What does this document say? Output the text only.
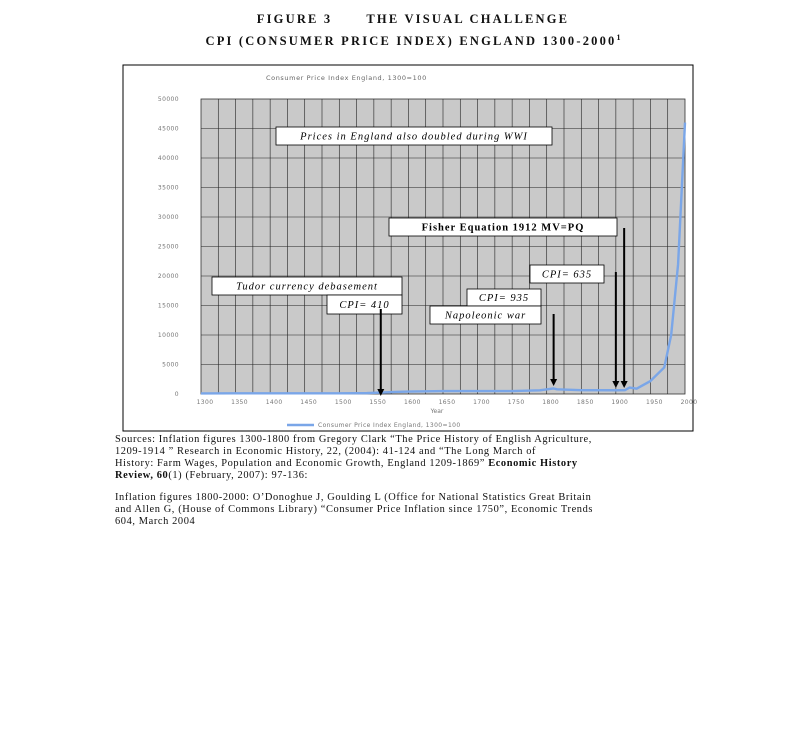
FIGURE 3	THE VISUAL CHALLENGE
CPI (CONSUMER PRICE INDEX) ENGLAND 1300-2000$^1$
Consumer Price Index England, 1300=100
0
5000
10000
15000
20000
25000
30000
35000
40000
45000
50000
1300	1350	1400	1450	1500	1550	1600	1650	1700	1750	1800	1850	1900	1950	2000
Year
Consumer Price Index England, 1300=100
Prices in England also doubled during WWI
Fisher Equation 1912 MV=PQ
CPI= 635
CPI= 935
Napoleonic war
Tudor currency debasement
CPI= 410
Sources: Inflation figures 1300-1800 from Gregory Clark “The Price History of English Agriculture,
1209-1914 ” Research in Economic History, 22, (2004): 41-124 and “The Long March of
History: Farm Wages, Population and Economic Growth, England 1209-1869” Economic History
Review, 60(1) (February, 2007): 97-136:
Inflation figures 1800-2000: O’Donoghue J, Goulding L (Office for National Statistics Great Britain
and Allen G, (House of Commons Library) “Consumer Price Inflation since 1750”, Economic Trends
604, March 2004
